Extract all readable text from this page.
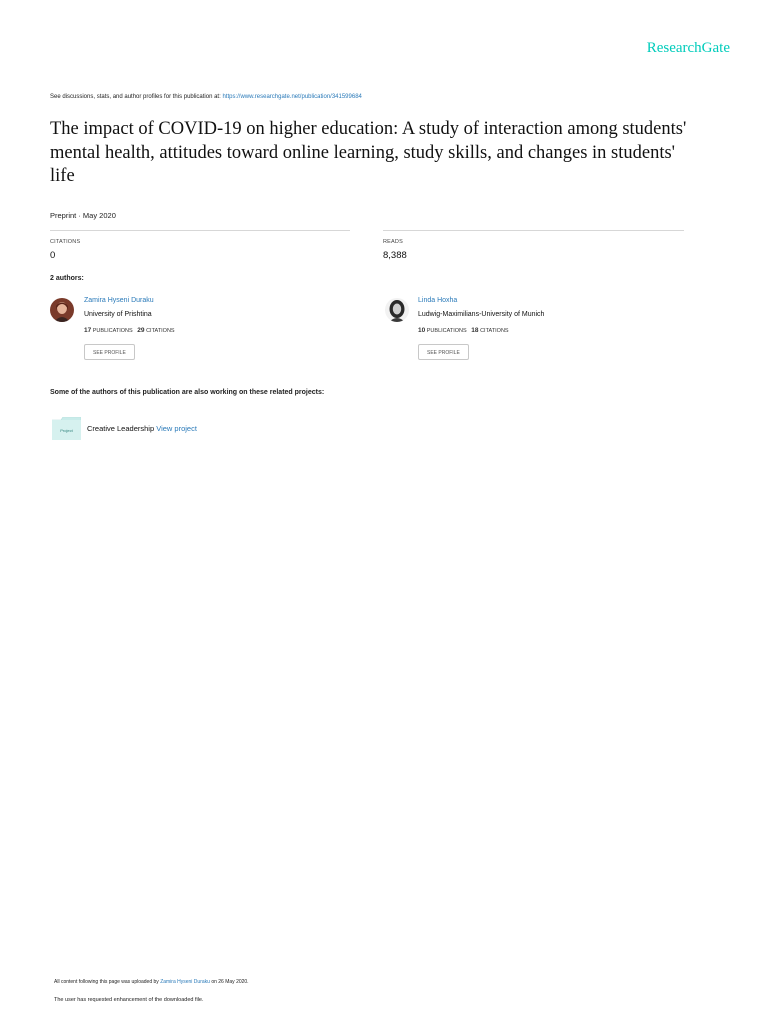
ResearchGate
See discussions, stats, and author profiles for this publication at: https://www.researchgate.net/publication/341599684
The impact of COVID-19 on higher education: A study of interaction among students' mental health, attitudes toward online learning, study skills, and changes in students' life
Preprint · May 2020
CITATIONS
0
READS
8,388
2 authors:
Zamira Hyseni Duraku
University of Prishtina
17 PUBLICATIONS 29 CITATIONS
SEE PROFILE
Linda Hoxha
Ludwig-Maximilians-University of Munich
10 PUBLICATIONS 18 CITATIONS
SEE PROFILE
Some of the authors of this publication are also working on these related projects:
Project Creative Leadership View project
All content following this page was uploaded by Zamira Hyseni Duraku on 26 May 2020.
The user has requested enhancement of the downloaded file.
